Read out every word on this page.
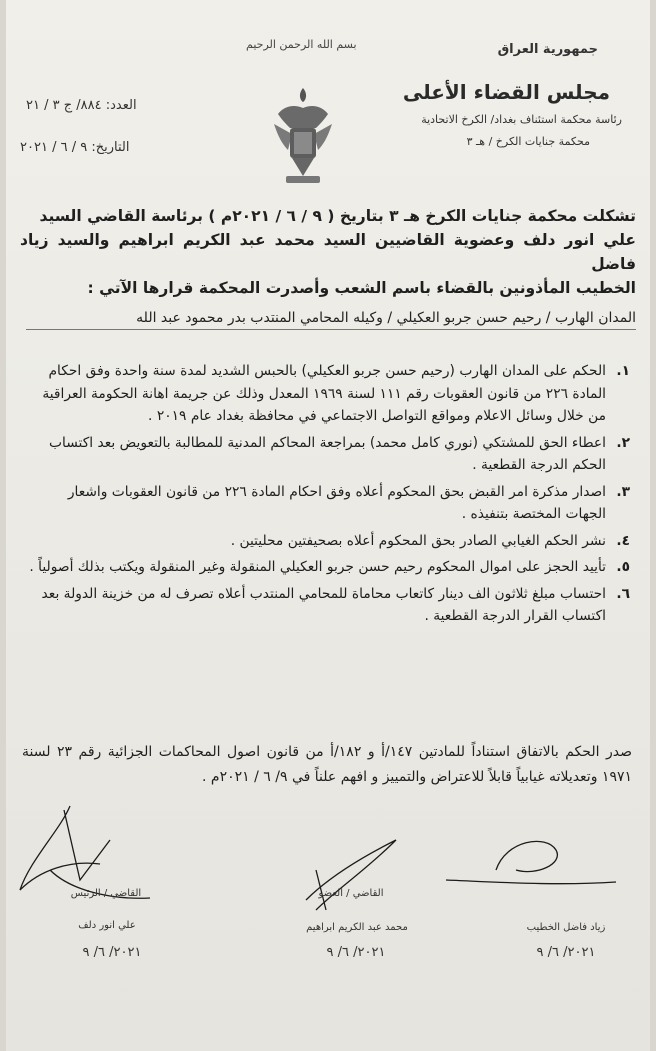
بسم الله الرحمن الرحيم	جمهورية العراق
مجلس القضاء الأعلى
رئاسة محكمة استئناف بغداد/ الكرخ الاتحادية
محكمة جنايات الكرخ / هـ ٣
العدد: ٨٨٤/ ج ٣ / ٢١
التاريخ: ٩ / ٦ / ٢٠٢١

تشكلت محكمة جنايات الكرخ هـ ٣ بتاريخ ( ٩ / ٦ / ٢٠٢١م ) برئاسة القاضي السيد

علي انور دلف وعضوية القاضيين السيد محمد عبد الكريم ابراهيم والسيد زياد فاضل

الخطيب المأذونين بالقضاء باسم الشعب وأصدرت المحكمة قرارها الآتي :

المدان الهارب / رحيم حسن جربو العكيلي / وكيله المحامي المنتدب بدر محمود عبد الله
١.
الحكم على المدان الهارب (رحيم حسن جربو العكيلي) بالحبس الشديد لمدة سنة واحدة وفق احكام المادة ٢٢٦ من قانون العقوبات رقم ١١١ لسنة ١٩٦٩ المعدل وذلك عن جريمة اهانة الحكومة العراقية من خلال وسائل الاعلام ومواقع التواصل الاجتماعي في محافظة بغداد عام ٢٠١٩ .
٢.
اعطاء الحق للمشتكي (نوري كامل محمد) بمراجعة المحاكم المدنية للمطالبة بالتعويض بعد اكتساب الحكم الدرجة القطعية .
٣.
اصدار مذكرة امر القبض بحق المحكوم أعلاه وفق احكام المادة ٢٢٦ من قانون العقوبات واشعار الجهات المختصة بتنفيذه .
٤.
نشر الحكم الغيابي الصادر بحق المحكوم أعلاه بصحيفتين محليتين .
٥.
تأييد الحجز على اموال المحكوم رحيم حسن جربو العكيلي المنقولة وغير المنقولة ويكتب بذلك أصولياً .
٦.
احتساب مبلغ ثلاثون الف دينار كاتعاب محاماة للمحامي المنتدب أعلاه تصرف له من خزينة الدولة بعد اكتساب القرار الدرجة القطعية .
صدر الحكم بالاتفاق استناداً للمادتين ١٤٧/أ و ١٨٢/أ من قانون اصول المحاكمات الجزائية رقم ٢٣ لسنة ١٩٧١ وتعديلاته غيابياً قابلاً للاعتراض والتمييز و افهم علناً في ٩/ ٦ / ٢٠٢١م .
القاضي / الرئيس
علي انور دلف
٢٠٢١/ ٦/ ٩
القاضي / العضو
محمد عبد الكريم ابراهيم
٢٠٢١/ ٦/ ٩
زياد فاضل الخطيب
٢٠٢١/ ٦/ ٩
